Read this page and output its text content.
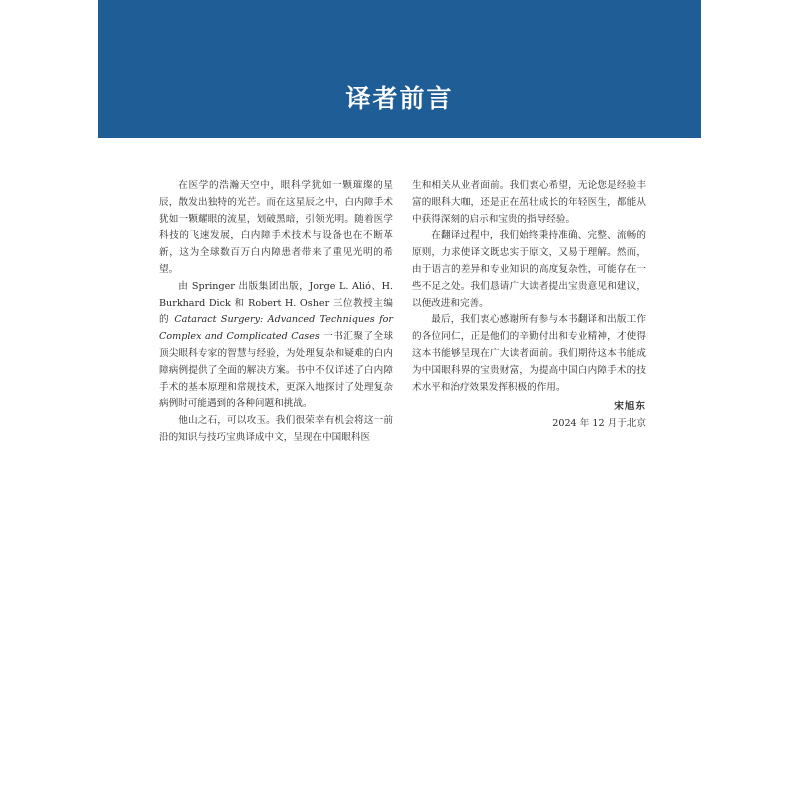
译者前言

在医学的浩瀚天空中，眼科学犹如一颗璀璨的星辰，散发出独特的光芒。而在这星辰之中，白内障手术犹如一颗耀眼的流星，划破黑暗，引领光明。随着医学科技的飞速发展，白内障手术技术与设备也在不断革新，这为全球数百万白内障患者带来了重见光明的希望。

由 Springer 出版集团出版，Jorge L. Alió、H. Burkhard Dick 和 Robert H. Osher 三位教授主编的 Cataract Surgery: Advanced Techniques for Complex and Complicated Cases 一书汇聚了全球顶尖眼科专家的智慧与经验，为处理复杂和疑难的白内障病例提供了全面的解决方案。书中不仅详述了白内障手术的基本原理和常规技术，更深入地探讨了处理复杂病例时可能遇到的各种问题和挑战。

他山之石，可以攻玉。我们很荣幸有机会将这一前沿的知识与技巧宝典译成中文，呈现在中国眼科医

生和相关从业者面前。我们衷心希望，无论您是经验丰富的眼科大咖，还是正在茁壮成长的年轻医生，都能从中获得深刻的启示和宝贵的指导经验。

在翻译过程中，我们始终秉持准确、完整、流畅的原则，力求使译文既忠实于原文，又易于理解。然而，由于语言的差异和专业知识的高度复杂性，可能存在一些不足之处。我们恳请广大读者提出宝贵意见和建议，以便改进和完善。

最后，我们衷心感谢所有参与本书翻译和出版工作的各位同仁，正是他们的辛勤付出和专业精神，才使得这本书能够呈现在广大读者面前。我们期待这本书能成为中国眼科界的宝贵财富，为提高中国白内障手术的技术水平和治疗效果发挥积极的作用。

宋旭东
2024 年 12 月于北京
